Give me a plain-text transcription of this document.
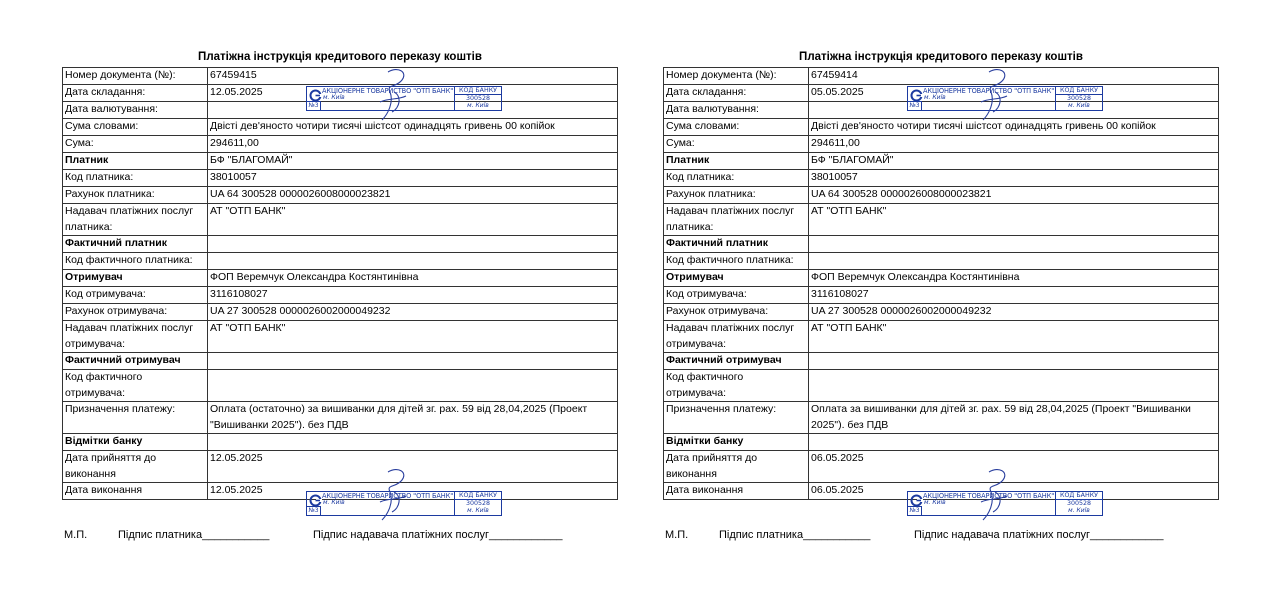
Платіжна інструкція кредитового переказу коштів
Номер документа (№):	67459415
Дата складання:	12.05.2025
Дата валютування:	
Сума словами:	Двісті дев'яносто чотири тисячі шістсот одинадцять гривень 00 копійок
Сума:	294611,00
Платник	БФ "БЛАГОМАЙ"
Код платника:	38010057
Рахунок платника:	UA 64 300528 0000026008000023821
Надавач платіжних послуг платника:	АТ "ОТП БАНК"
Фактичний платник	
Код фактичного платника:	
Отримувач	ФОП Веремчук Олександра Костянтинівна
Код отримувача:	3116108027
Рахунок отримувача:	UA 27 300528 0000026002000049232
Надавач платіжних послуг отримувача:	АТ "ОТП БАНК"
Фактичний отримувач	
Код фактичного отримувача:	
Призначення платежу:	Оплата (остаточно) за вишиванки для дітей зг. рах. 59 від 28,04,2025 (Проект "Вишиванки 2025"). без ПДВ
Відмітки банку	
Дата прийняття до виконання	12.05.2025
Дата виконання	12.05.2025
Платіжна інструкція кредитового переказу коштів
Номер документа (№):	67459414
Дата складання:	05.05.2025
Дата валютування:	
Сума словами:	Двісті дев'яносто чотири тисячі шістсот одинадцять гривень 00 копійок
Сума:	294611,00
Платник	БФ "БЛАГОМАЙ"
Код платника:	38010057
Рахунок платника:	UA 64 300528 0000026008000023821
Надавач платіжних послуг платника:	АТ "ОТП БАНК"
Фактичний платник	
Код фактичного платника:	
Отримувач	ФОП Веремчук Олександра Костянтинівна
Код отримувача:	3116108027
Рахунок отримувача:	UA 27 300528 0000026002000049232
Надавач платіжних послуг отримувача:	АТ "ОТП БАНК"
Фактичний отримувач	
Код фактичного отримувача:	
Призначення платежу:	Оплата за вишиванки для дітей зг. рах. 59 від 28,04,2025 (Проект "Вишиванки 2025"). без ПДВ
Відмітки банку	
Дата прийняття до виконання	06.05.2025
Дата виконання	06.05.2025
М.П.	Підпис платника___________	Підпис надавача платіжних послуг____________	М.П.	Підпис платника___________	Підпис надавача платіжних послуг____________
АКЦІОНЕРНЕ ТОВАРИСТВО "ОТП БАНК"
м. Київ
№3
КОД БАНКУ
300528
м. Київ
АКЦІОНЕРНЕ ТОВАРИСТВО "ОТП БАНК"
м. Київ
№3
КОД БАНКУ
300528
м. Київ
АКЦІОНЕРНЕ ТОВАРИСТВО "ОТП БАНК"
м. Київ
№3
КОД БАНКУ
300528
м. Київ
АКЦІОНЕРНЕ ТОВАРИСТВО "ОТП БАНК"
м. Київ
№3
КОД БАНКУ
300528
м. Київ
